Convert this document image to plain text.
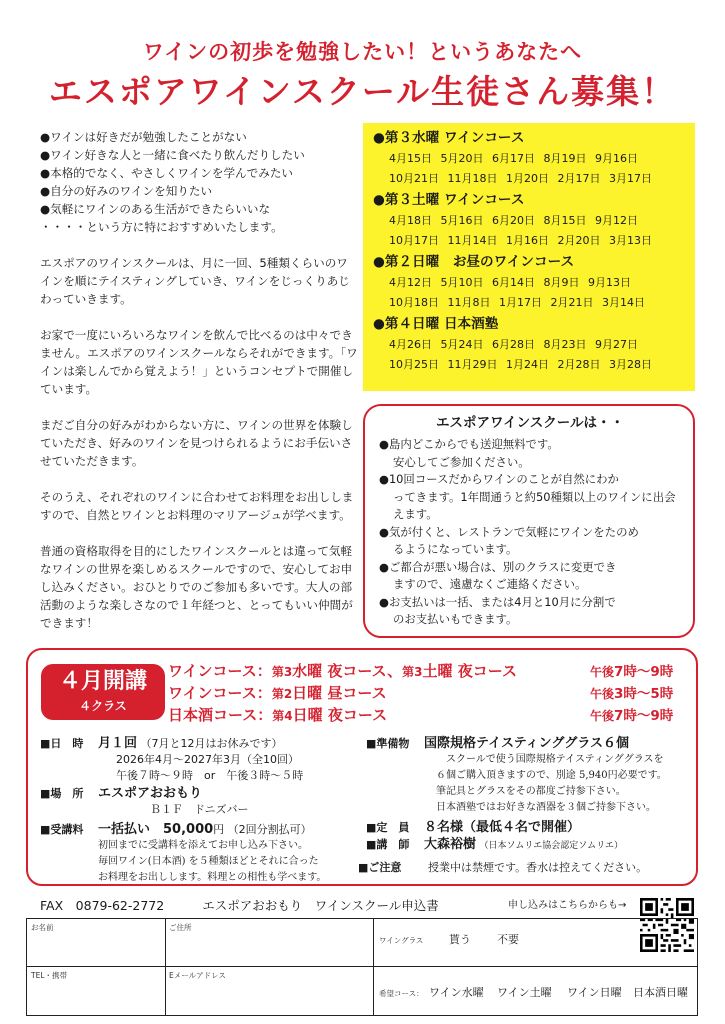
ワインの初歩を勉強したい！というあなたへ
エスポアワインスクール生徒さん募集！
●ワインは好きだが勉強したことがない
●ワイン好きな人と一緒に食べたり飲んだりしたい
●本格的でなく、やさしくワインを学んでみたい
●自分の好みのワインを知りたい
●気軽にワインのある生活ができたらいいな
・・・・という方に特におすすめいたします。

エスポアのワインスクールは、月に一回、5種類くらいのワインを順にテイスティングしていき、ワインをじっくりあじわっていきます。

お家で一度にいろいろなワインを飲んで比べるのは中々できません。エスポアのワインスクールならそれができます。「ワインは楽しんでから覚えよう！」というコンセプトで開催しています。

まだご自分の好みがわからない方に、ワインの世界を体験していただき、好みのワインを見つけられるようにお手伝いさせていただきます。

そのうえ、それぞれのワインに合わせてお料理をお出ししますので、自然とワインとお料理のマリアージュが学べます。

普通の資格取得を目的にしたワインスクールとは違って気軽なワインの世界を楽しめるスクールですので、安心してお申し込みください。おひとりでのご参加も多いです。大人の部活動のような楽しさなので１年経つと、とってもいい仲間ができます！

●第３水曜 ワインコース
4月15日 5月20日 6月17日 8月19日 9月16日
10月21日 11月18日 1月20日 2月17日 3月17日
●第３土曜 ワインコース
4月18日 5月16日 6月20日 8月15日 9月12日
10月17日 11月14日 1月16日 2月20日 3月13日
●第２日曜　お昼のワインコース
4月12日 5月10日 6月14日 8月9日 9月13日
10月18日 11月8日 1月17日 2月21日 3月14日
●第４日曜 日本酒塾
4月26日 5月24日 6月28日 8月23日 9月27日
10月25日 11月29日 1月24日 2月28日 3月28日
エスポアワインスクールは・・
●島内どこからでも送迎無料です。
安心してご参加ください。
●10回コースだからワインのことが自然にわか
ってきます。1年間通うと約50種類以上のワインに出会えます。
●気が付くと、レストランで気軽にワインをたのめ
るようになっています。
●ご都合が悪い場合は、別のクラスに変更でき
ますので、遠慮なくご連絡ください。
●お支払いは一括、または4月と10月に分割で
のお支払いもできます。
４月開講
４クラス
ワインコース：第3水曜 夜コース、第3土曜 夜コース	午後7時～9時
ワインコース：第2日曜 昼コース	午後3時～5時
日本酒コース：第4日曜 夜コース	午後7時～9時
■日　時 月１回 （7月と12月はお休みです）
2026年4月～2027年3月（全10回）
午後７時～９時　or　午後３時～５時
■場　所 エスポアおおもり
Ｂ１Ｆ　ドニズバー
■受講料 一括払い　50,000円 （2回分割払可）
初回までに受講料を添えてお申し込み下さい。
毎回ワイン(日本酒) を５種類ほどとそれに合った
お料理をお出しします。料理との相性も学べます。
■準備物 国際規格テイスティンググラス６個
スクールで使う国際規格テイスティンググラスを
６個ご購入頂きますので、別途 5,940円必要です。
筆記具とグラスをその都度ご持参下さい。
日本酒塾ではお好きな酒器を３個ご持参下さい。
■定　員 ８名様（最低４名で開催）
■講　師 大森裕樹 （日本ソムリエ協会認定ソムリエ）
■ご注意 授業中は禁煙です。香水は控えてください。
FAX　0879-62-2772	エスポアおおもり　ワインスクール申込書	申し込みはこちらからも→
お名前	ご住所
ワイングラス 貰う 不要
TEL・携帯	Eメールアドレス
希望コース： ワイン水曜 ワイン土曜 ワイン日曜 日本酒日曜
